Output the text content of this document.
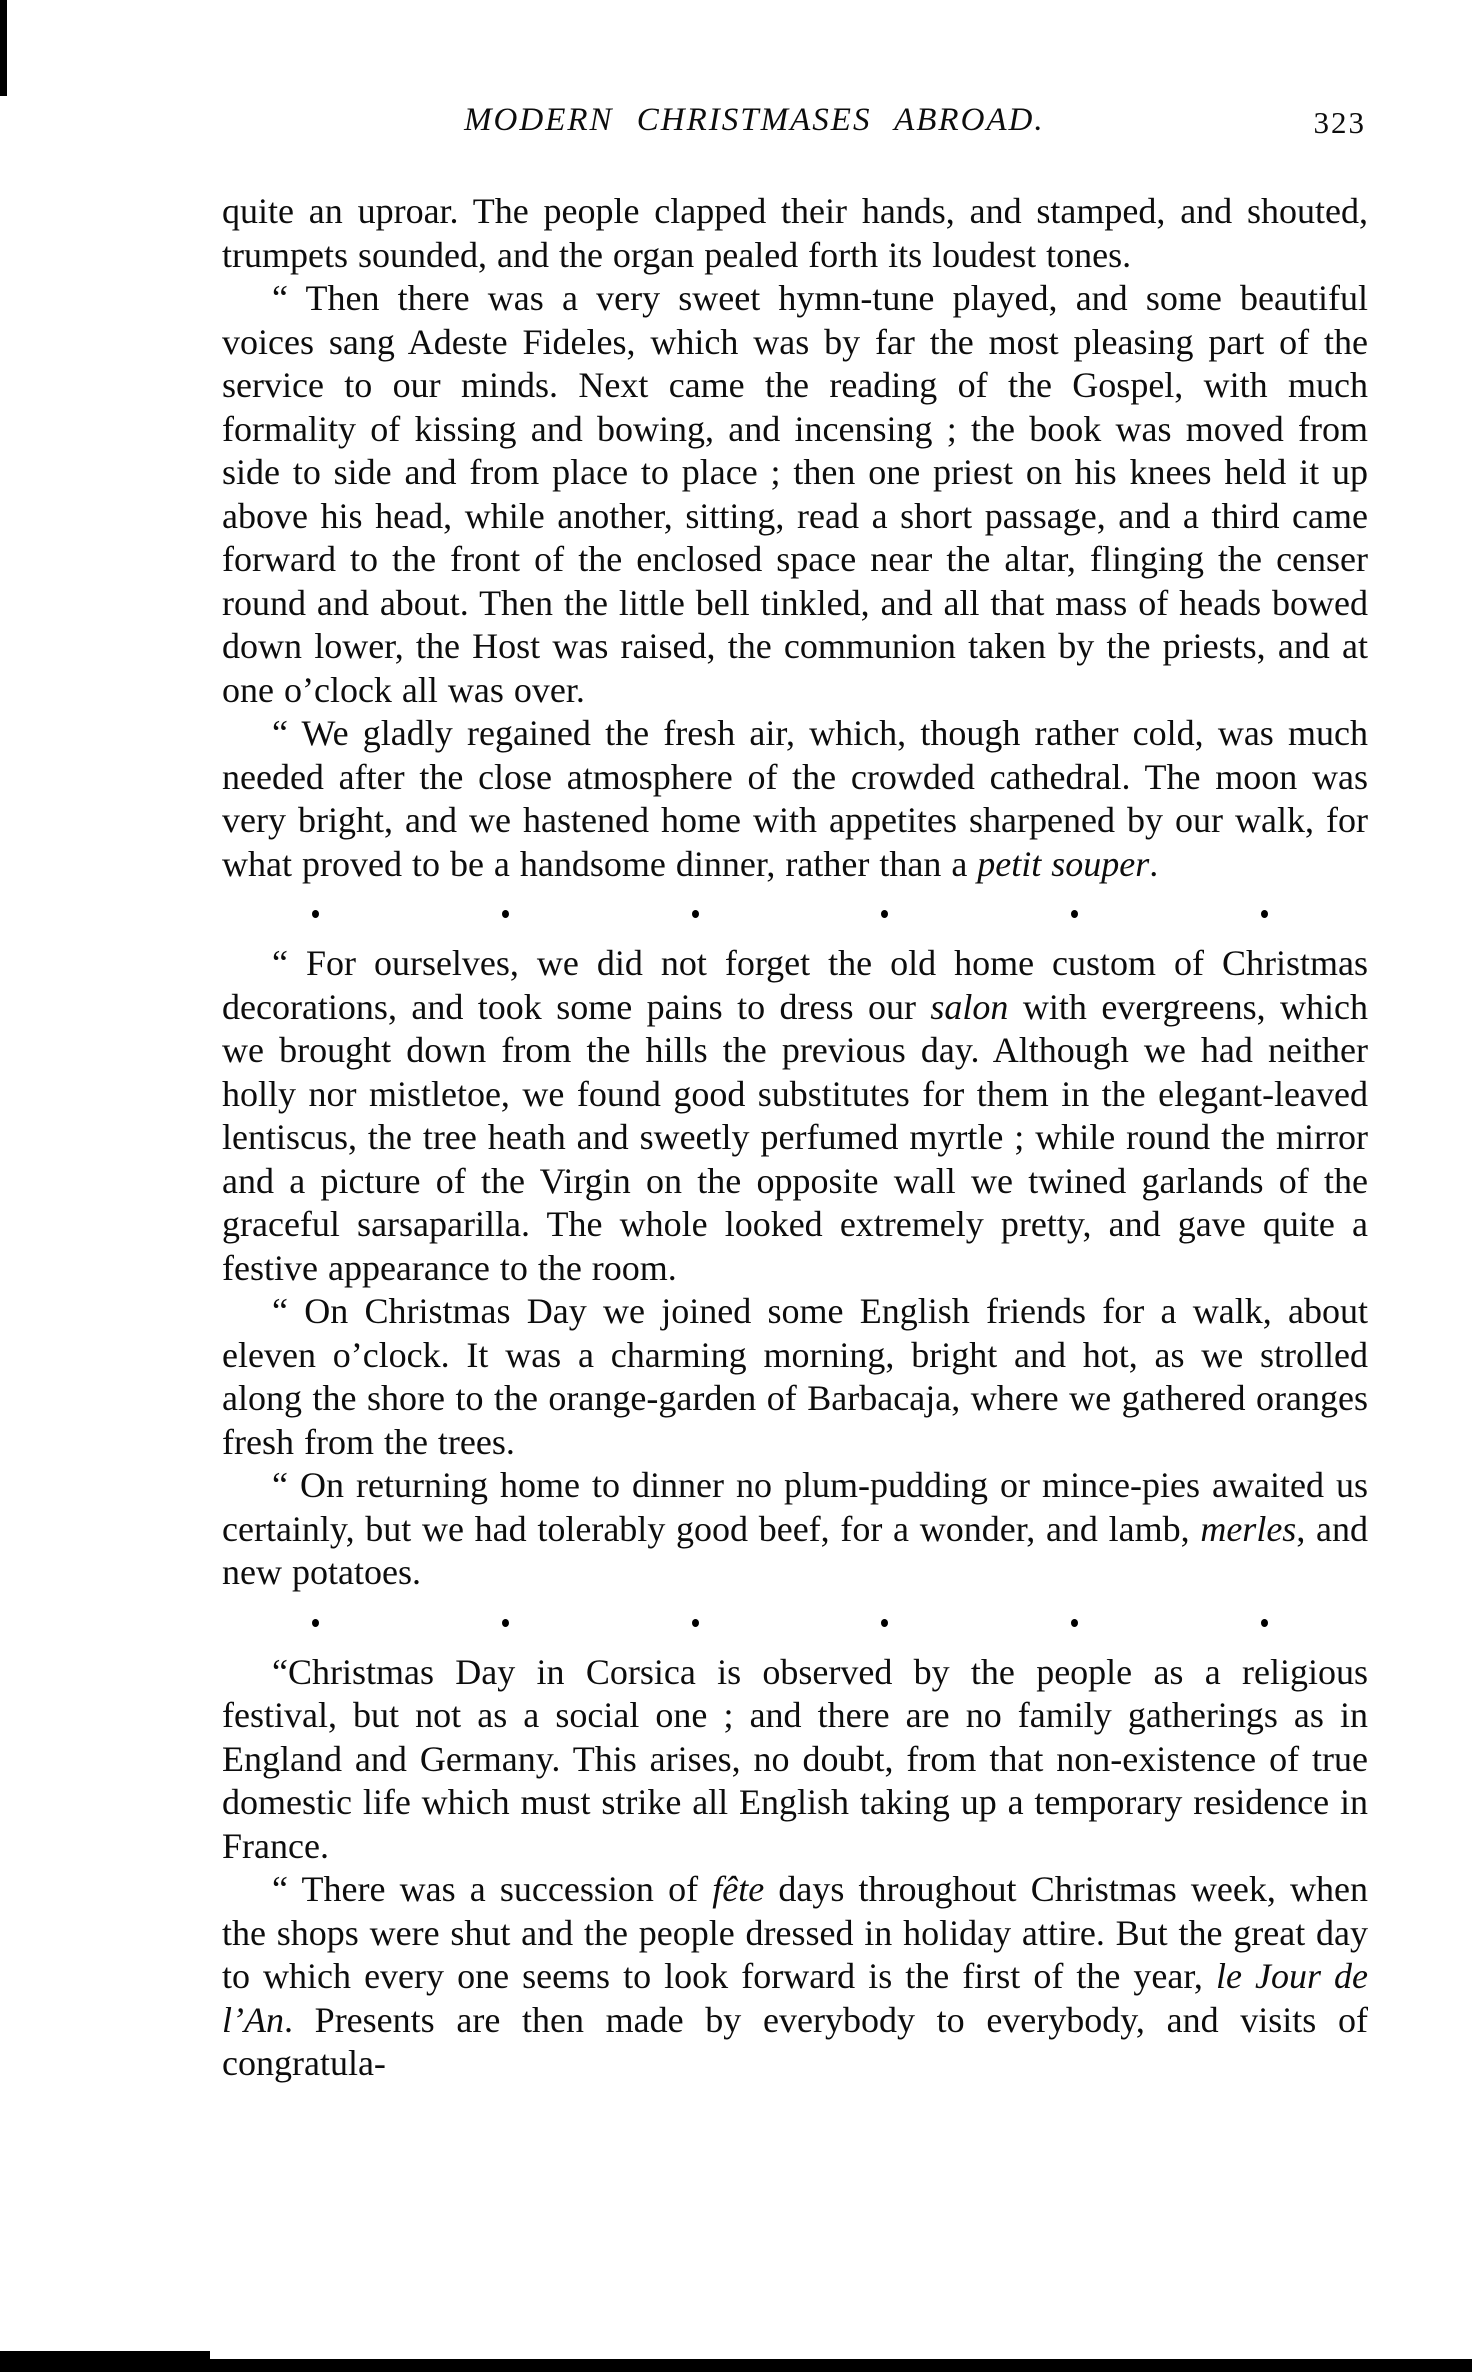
MODERN CHRISTMASES ABROAD.	323

quite an uproar. The people clapped their hands, and stamped, and shouted, trumpets sounded, and the organ pealed forth its loudest tones.

“ Then there was a very sweet hymn-tune played, and some beautiful voices sang Adeste Fideles, which was by far the most pleasing part of the service to our minds. Next came the reading of the Gospel, with much formality of kissing and bowing, and incensing ; the book was moved from side to side and from place to place ; then one priest on his knees held it up above his head, while another, sitting, read a short passage, and a third came forward to the front of the enclosed space near the altar, flinging the censer round and about. Then the little bell tinkled, and all that mass of heads bowed down lower, the Host was raised, the communion taken by the priests, and at one o’clock all was over.

“ We gladly regained the fresh air, which, though rather cold, was much needed after the close atmosphere of the crowded cathedral. The moon was very bright, and we hastened home with appetites sharpened by our walk, for what proved to be a handsome dinner, rather than a petit souper.

“ For ourselves, we did not forget the old home custom of Christmas decorations, and took some pains to dress our salon with evergreens, which we brought down from the hills the previous day. Although we had neither holly nor mistletoe, we found good substitutes for them in the elegant-leaved lentiscus, the tree heath and sweetly perfumed myrtle ; while round the mirror and a picture of the Virgin on the opposite wall we twined garlands of the graceful sarsaparilla. The whole looked extremely pretty, and gave quite a festive appearance to the room.

“ On Christmas Day we joined some English friends for a walk, about eleven o’clock. It was a charming morning, bright and hot, as we strolled along the shore to the orange-garden of Barbacaja, where we gathered oranges fresh from the trees.

“ On returning home to dinner no plum-pudding or mince-pies awaited us certainly, but we had tolerably good beef, for a wonder, and lamb, merles, and new potatoes.

“Christmas Day in Corsica is observed by the people as a religious festival, but not as a social one ; and there are no family gatherings as in England and Germany. This arises, no doubt, from that non-existence of true domestic life which must strike all English taking up a temporary residence in France.

“ There was a succession of fête days throughout Christmas week, when the shops were shut and the people dressed in holiday attire. But the great day to which every one seems to look forward is the first of the year, le Jour de l’An. Presents are then made by everybody to everybody, and visits of congratula-
